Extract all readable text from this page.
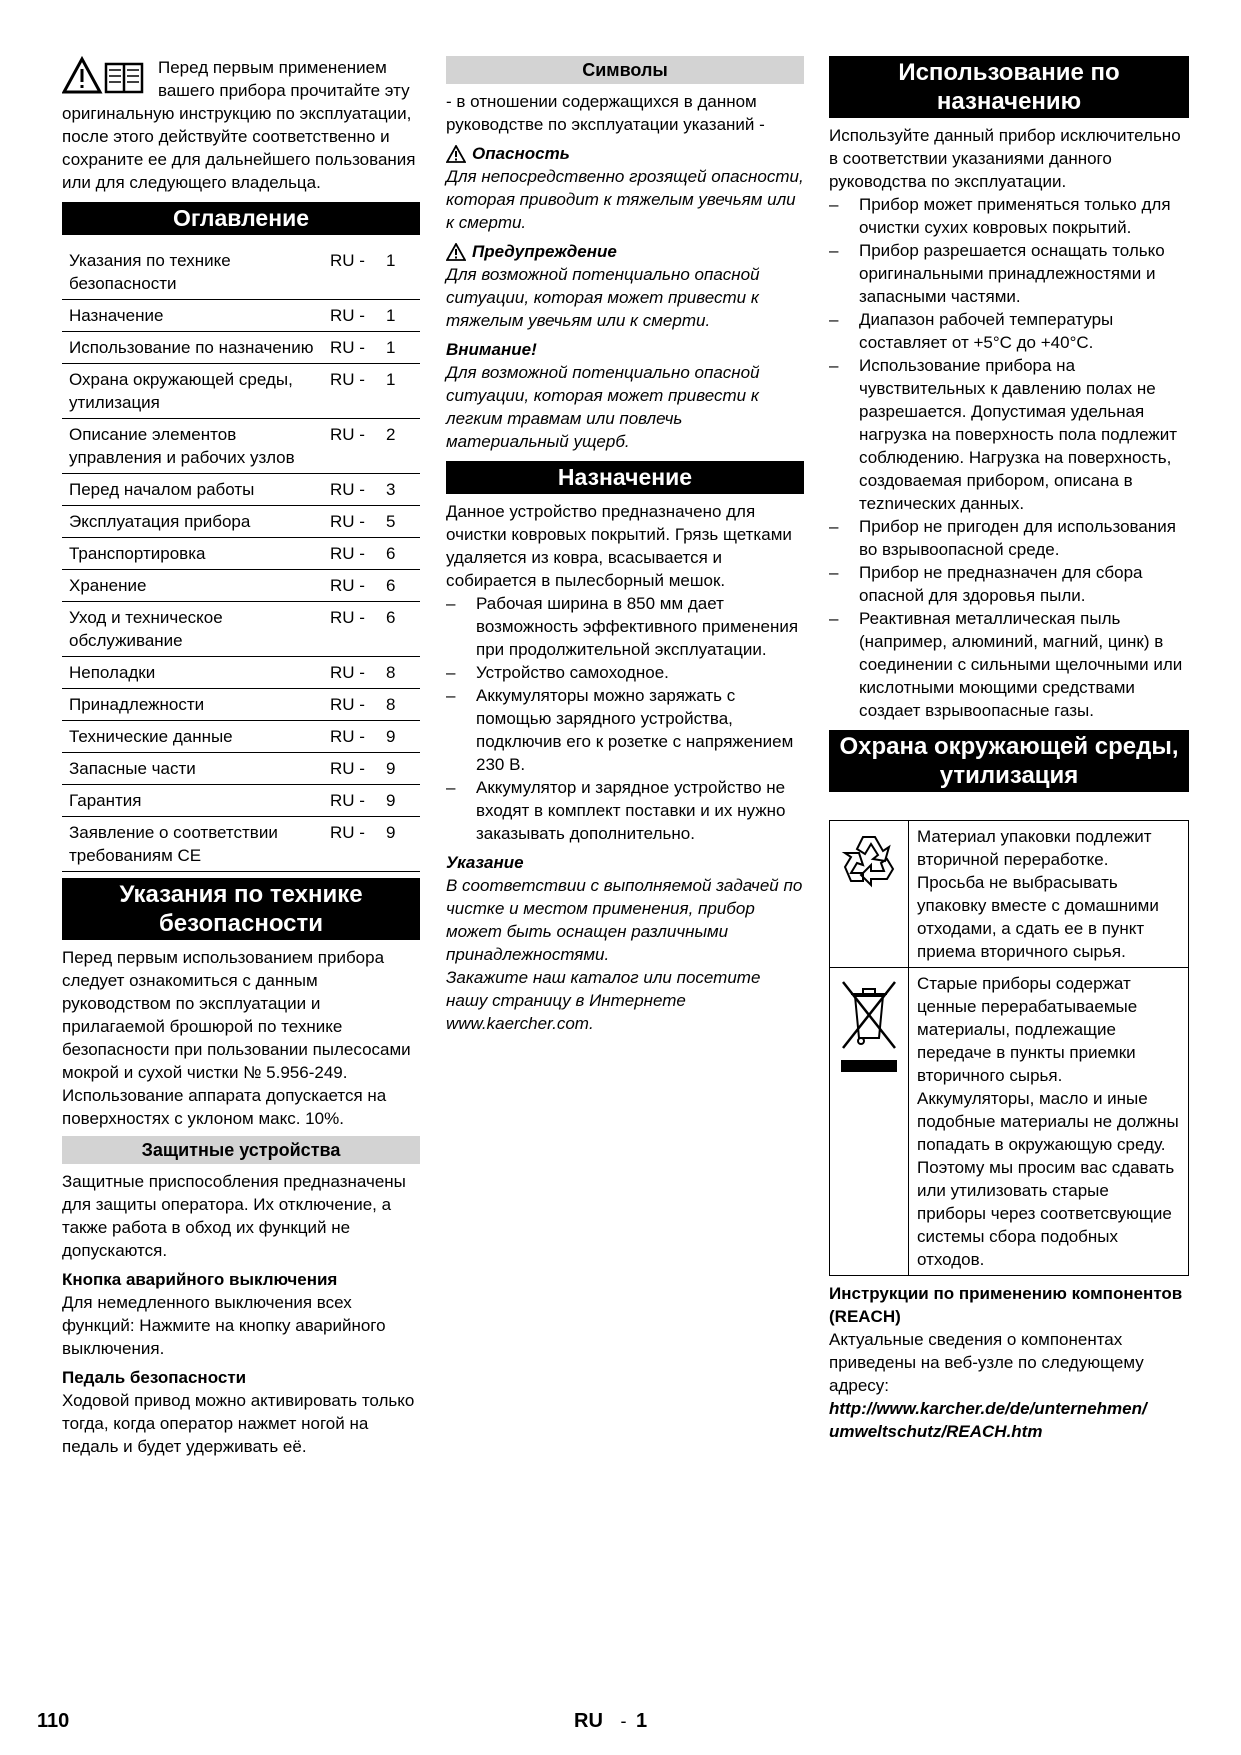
Перед первым применением вашего прибора прочитайте эту оригинальную инструкцию по эксплуатации, после этого действуйте соответственно и сохраните ее для дальнейшего пользования или для следующего владельца.

Оглавление
Указания по технике безопасности	RU -	1
Назначение	RU -	1
Использование по назначению	RU -	1
Охрана окружающей среды, утилизация	RU -	1
Описание элементов управления и рабочих узлов	RU -	2
Перед началом работы	RU -	3
Эксплуатация прибора	RU -	5
Транспортировка	RU -	6
Хранение	RU -	6
Уход и техническое обслуживание	RU -	6
Неполадки	RU -	8
Принадлежности	RU -	8
Технические данные	RU -	9
Запасные части	RU -	9
Гарантия	RU -	9
Заявление о соответствии требованиям CE	RU -	9
Указания по технике безопасности

Перед первым использованием прибора следует ознакомиться с данным руководством по эксплуатации и прилагаемой брошюрой по технике безопасности при пользовании пылесосами мокрой и сухой чистки № 5.956-249.

Использование аппарата допускается на поверхностях с уклоном макс. 10%.

Защитные устройства

Защитные приспособления предназначены для защиты оператора. Их отключение, а также работа в обход их функций не допускаются.

Кнопка аварийного выключения

Для немедленного выключения всех функций: Нажмите на кнопку аварийного выключения.

Педаль безопасности

Ходовой привод можно активировать только тогда, когда оператор нажмет ногой на педаль и будет удерживать её.

Символы

- в отношении содержащихся в данном руководстве по эксплуатации указаний -

Опасность

Для непосредственно грозящей опасности, которая приводит к тяжелым увечьям или к смерти.

Предупреждение

Для возможной потенциально опасной ситуации, которая может привести к тяжелым увечьям или к смерти.

Внимание!

Для возможной потенциально опасной ситуации, которая может привести к легким травмам или повлечь материальный ущерб.

Назначение

Данное устройство предназначено для очистки ковровых покрытий. Грязь щетками удаляется из ковра, всасывается и собирается в пылесборный мешок.

– Рабочая ширина в 850 мм дает возможность эффективного применения при продолжительной эксплуатации.
– Устройство самоходное.
– Аккумуляторы можно заряжать с помощью зарядного устройства, подключив его к розетке с напряжением 230 В.
– Аккумулятор и зарядное устройство не входят в комплект поставки и их нужно заказывать дополнительно.
Указание

В соответствии с выполняемой задачей по чистке и местом применения, прибор может быть оснащен различными принадлежностями.

Закажите наш каталог или посетите нашу страницу в Интернете www.kaercher.com.

Использование по назначению

Используйте данный прибор исключительно в соответствии указаниями данного руководства по эксплуатации.

– Прибор может применяться только для очистки сухих ковровых покрытий.
– Прибор разрешается оснащать только оригинальными принадлежностями и запасными частями.
– Диапазон рабочей температуры составляет от +5°C до +40°C.
– Использование прибора на чувствительных к давлению полах не разрешается. Допустимая удельная нагрузка на поверхность пола подлежит соблюдению. Нагрузка на поверхность, создоваемая прибором, описана в теznических данных.
– Прибор не пригоден для использования во взрывоопасной среде.
– Прибор не предназначен для сбора опасной для здоровья пыли.
– Реактивная металлическая пыль (например, алюминий, магний, цинк) в соединении с сильными щелочными или кислотными моющими средствами создает взрывоопасные газы.
Охрана окружающей среды, утилизация
	Материал упаковки подлежит вторичной переработке. Просьба не выбрасывать упаковку вместе с домашними отходами, а сдать ее в пункт приема вторичного сырья.
	Старые приборы содержат ценные перерабатываемые материалы, подлежащие передаче в пункты приемки вторичного сырья. Аккумуляторы, масло и иные подобные материалы не должны попадать в окружающую среду. Поэтому мы просим вас сдавать или утилизовать старые приборы через соответсвующие системы сбора подобных отходов.
Инструкции по применению компонентов (REACH)

Актуальные сведения о компонентах приведены на веб-узле по следующему адресу:

http://www.karcher.de/de/unternehmen/
umweltschutz/REACH.htm
110	RU - 1
